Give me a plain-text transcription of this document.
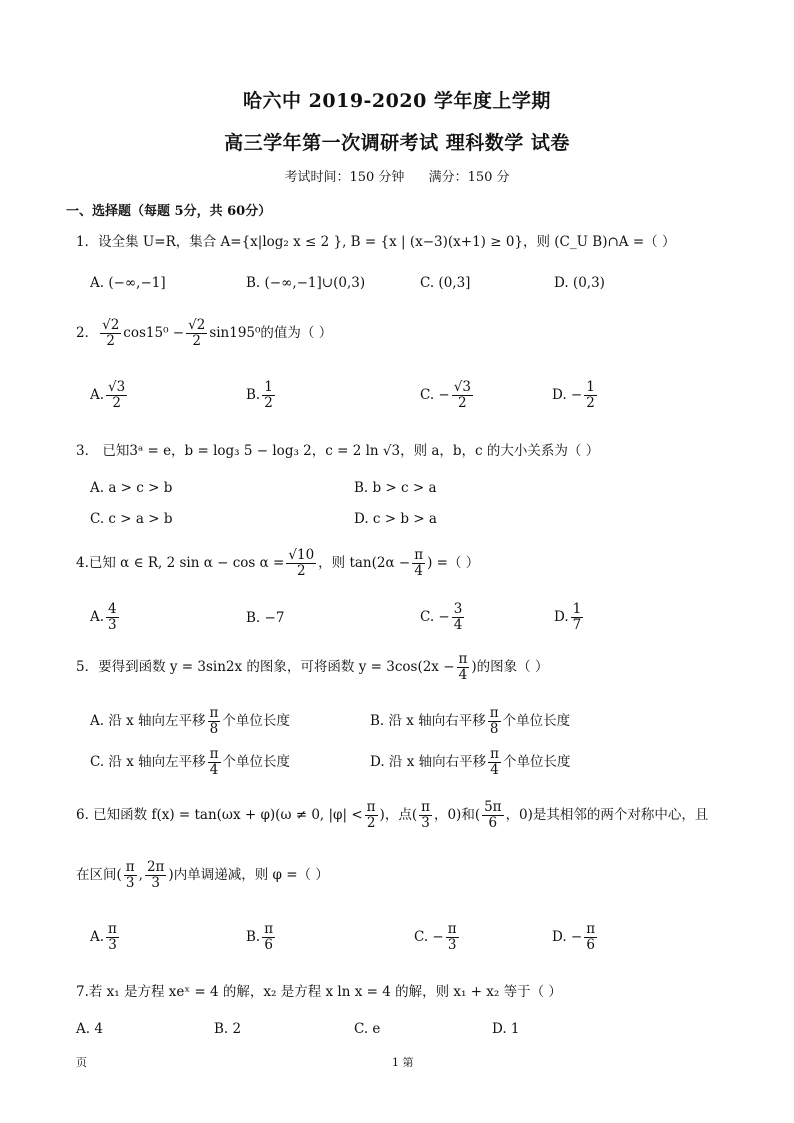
哈六中 2019-2020 学年度上学期
高三学年第一次调研考试 理科数学 试卷
考试时间：150 分钟 满分：150 分
一、选择题（每题 5分，共 60分）
1．设全集 U=R，集合 A={x|log₂ x ≤ 2 }, B = {x | (x−3)(x+1) ≥ 0}，则 (C_U B)∩A =（ ）
A. (−∞,−1]	B. (−∞,−1]∪(0,3)	C. (0,3]	D. (0,3)
2． $\frac{√2}{2} \cos 15^0 - \frac{√2}{2} \sin 195^0$的值为（ ）
A. $\frac{√3}{2}$	B. $\frac{1}{2}$	C. − $\frac{√3}{2}$	D. − $\frac{1}{2}$
3． 已知3ᵃ = e，b = log₃ 5 − log₃ 2，c = 2 ln √3，则 a，b，c 的大小关系为（ ）
A. a > c > b	B. b > c > a
C. c > a > b	D. c > b > a
4.已知 α ∈ R, 2 $\sin \alpha - \cos \alpha = \frac{√10}{2}$ ，则 $\tan(2\alpha - \frac{\pi}{4}$ ) =（ ）
A. $\frac{4}{3}$	B. −7	C. − $\frac{3}{4}$	D. $\frac{1}{7}$
5．要得到函数 y = 3sin2x 的图象，可将函数 $y = 3\cos(2x - \frac{\pi}{4}$ )的图象（ ）
A. 沿 x 轴向左平移 $\frac{\pi}{8}$ 个单位长度	B. 沿 x 轴向右平移 $\frac{\pi}{8}$ 个单位长度
C. 沿 x 轴向左平移 $\frac{\pi}{4}$ 个单位长度	D. 沿 x 轴向右平移 $\frac{\pi}{4}$ 个单位长度
6. 已知函数 f(x) = tan(ωx + φ)(ω ≠ 0, $|\varphi| < \frac{\pi}{2}$ )，点( $\frac{\pi}{3}$ ，0)和( $\frac{5\pi}{6}$ ，0)是其相邻的两个对称中心，且
在区间( $\frac{\pi}{3}$ , $\frac{2\pi}{3}$ )内单调递减，则 φ =（ ）
A. $\frac{\pi}{3}$	B. $\frac{\pi}{6}$	C. − $\frac{\pi}{3}$	D. − $\frac{\pi}{6}$
7.若 x₁ 是方程 xeˣ = 4 的解，x₂ 是方程 x ln x = 4 的解，则 x₁ + x₂ 等于（ ）
A. 4	B. 2	C. e	D. 1
页	1 第
